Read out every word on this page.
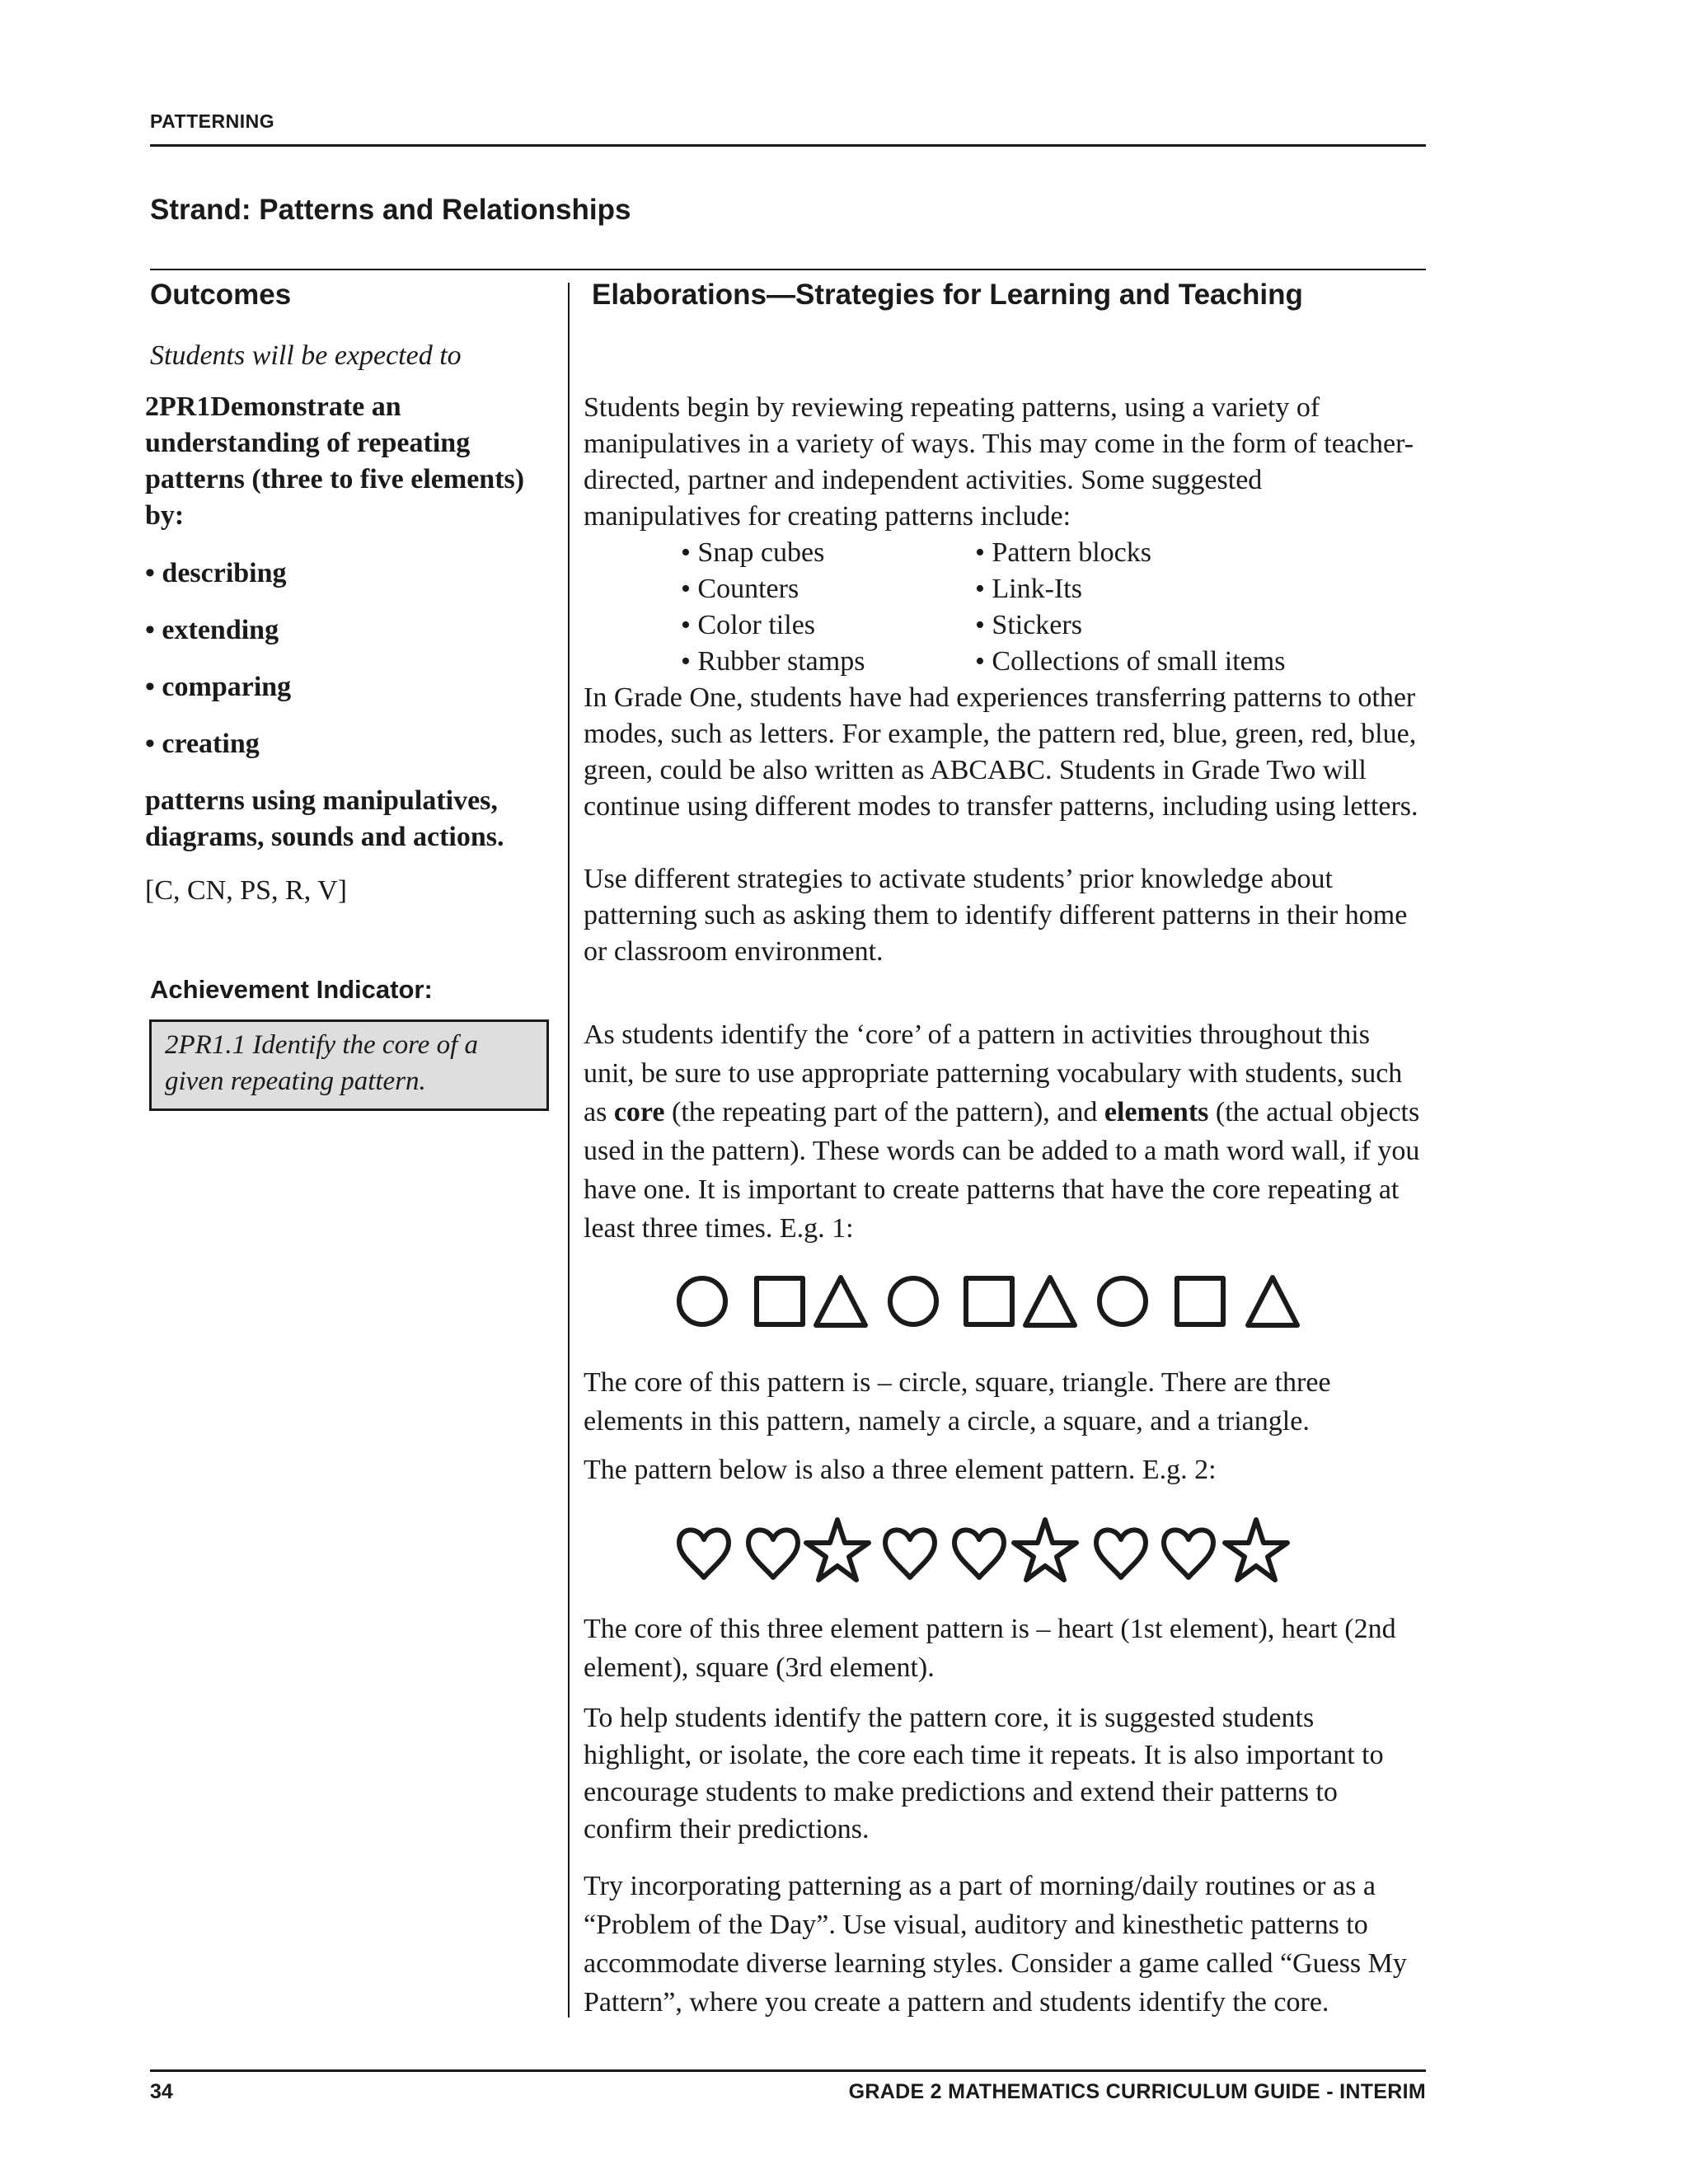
PATTERNING
Strand: Patterns and Relationships
Outcomes
Students will be expected to

2PR1Demonstrate an understanding of repeating patterns (three to five elements) by:

• describing
• extending
• comparing
• creating

patterns using manipulatives, diagrams, sounds and actions.

[C, CN, PS, R, V]

Achievement Indicator:
2PR1.1 Identify the core of a given repeating pattern.
Elaborations—Strategies for Learning and Teaching

Students begin by reviewing repeating patterns, using a variety of manipulatives in a variety of ways. This may come in the form of teacher-directed, partner and independent activities. Some suggested manipulatives for creating patterns include:

• Snap cubes	• Pattern blocks
• Counters	• Link-Its
• Color tiles	• Stickers
• Rubber stamps	• Collections of small items

In Grade One, students have had experiences transferring patterns to other modes, such as letters. For example, the pattern red, blue, green, red, blue, green, could be also written as ABCABC. Students in Grade Two will continue using different modes to transfer patterns, including using letters.

Use different strategies to activate students’ prior knowledge about patterning such as asking them to identify different patterns in their home or classroom environment.

As students identify the ‘core’ of a pattern in activities throughout this unit, be sure to use appropriate patterning vocabulary with students, such as core (the repeating part of the pattern), and elements (the actual objects used in the pattern). These words can be added to a math word wall, if you have one. It is important to create patterns that have the core repeating at least three times. E.g. 1:

The core of this pattern is – circle, square, triangle. There are three elements in this pattern, namely a circle, a square, and a triangle.

The pattern below is also a three element pattern. E.g. 2:

The core of this three element pattern is – heart (1st element), heart (2nd element), square (3rd element).

To help students identify the pattern core, it is suggested students highlight, or isolate, the core each time it repeats. It is also important to encourage students to make predictions and extend their patterns to confirm their predictions.

Try incorporating patterning as a part of morning/daily routines or as a “Problem of the Day”. Use visual, auditory and kinesthetic patterns to accommodate diverse learning styles. Consider a game called “Guess My Pattern”, where you create a pattern and students identify the core.

34	GRADE 2 MATHEMATICS CURRICULUM GUIDE - INTERIM
